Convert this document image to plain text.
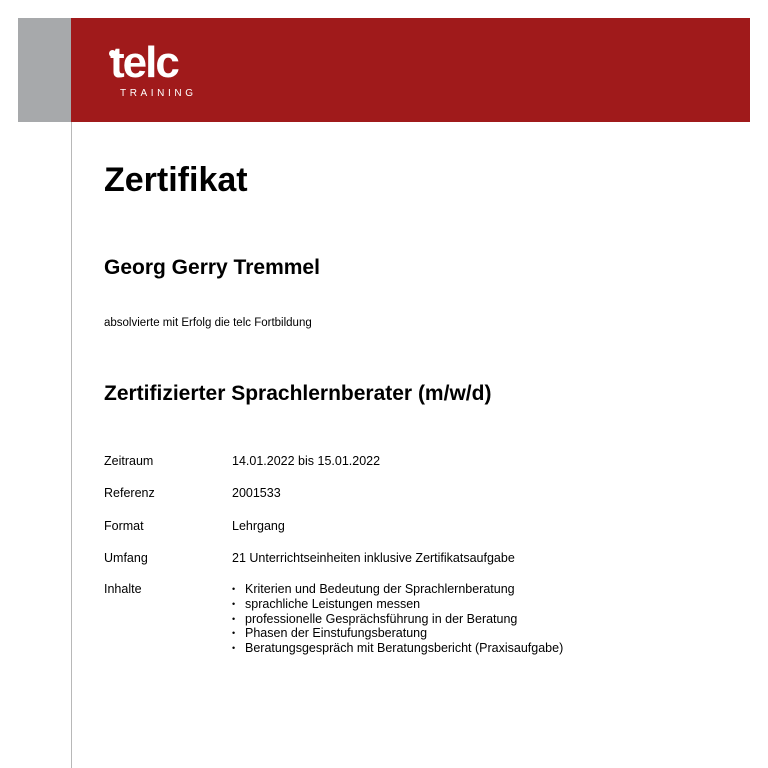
telc
TRAINING
Zertifikat
Georg Gerry Tremmel
absolvierte mit Erfolg die telc Fortbildung
Zertifizierter Sprachlernberater (m/w/d)
Zeitraum	14.01.2022 bis 15.01.2022
Referenz	2001533
Format	Lehrgang
Umfang	21 Unterrichtseinheiten inklusive Zertifikatsaufgabe
Inhalte
•	Kriterien und Bedeutung der Sprachlernberatung
• sprachliche Leistungen messen
• professionelle Gesprächsführung in der Beratung
• Phasen der Einstufungsberatung
• Beratungsgespräch mit Beratungsbericht (Praxisaufgabe)
